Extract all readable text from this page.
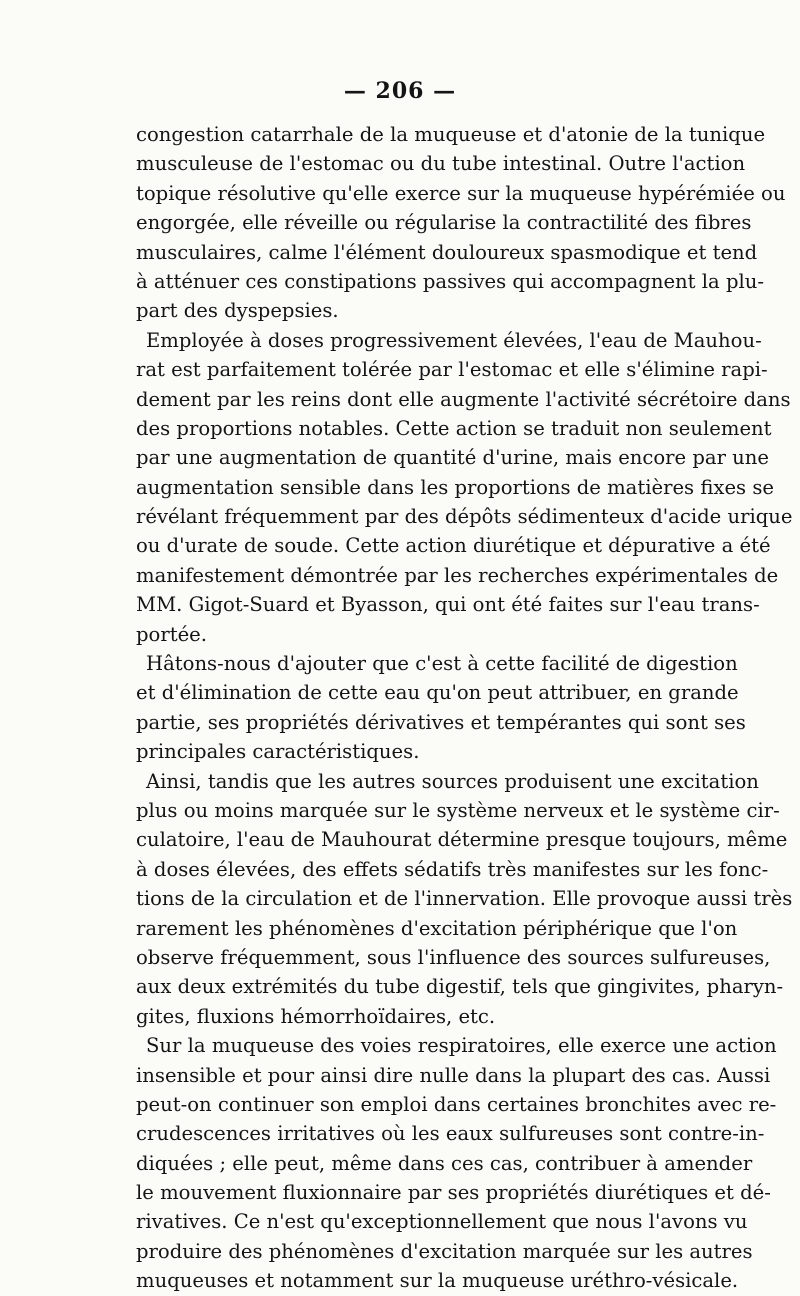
— 206 —
congestion catarrhale de la muqueuse et d'atonie de la tunique
musculeuse de l'estomac ou du tube intestinal. Outre l'action
topique résolutive qu'elle exerce sur la muqueuse hypérémiée ou
engorgée, elle réveille ou régularise la contractilité des fibres
musculaires, calme l'élément douloureux spasmodique et tend
à atténuer ces constipations passives qui accompagnent la plu-
part des dyspepsies.
Employée à doses progressivement élevées, l'eau de Mauhou-
rat est parfaitement tolérée par l'estomac et elle s'élimine rapi-
dement par les reins dont elle augmente l'activité sécrétoire dans
des proportions notables. Cette action se traduit non seulement
par une augmentation de quantité d'urine, mais encore par une
augmentation sensible dans les proportions de matières fixes se
révélant fréquemment par des dépôts sédimenteux d'acide urique
ou d'urate de soude. Cette action diurétique et dépurative a été
manifestement démontrée par les recherches expérimentales de
MM. Gigot-Suard et Byasson, qui ont été faites sur l'eau trans-
portée.
Hâtons-nous d'ajouter que c'est à cette facilité de digestion
et d'élimination de cette eau qu'on peut attribuer, en grande
partie, ses propriétés dérivatives et tempérantes qui sont ses
principales caractéristiques.
Ainsi, tandis que les autres sources produisent une excitation
plus ou moins marquée sur le système nerveux et le système cir-
culatoire, l'eau de Mauhourat détermine presque toujours, même
à doses élevées, des effets sédatifs très manifestes sur les fonc-
tions de la circulation et de l'innervation. Elle provoque aussi très
rarement les phénomènes d'excitation périphérique que l'on
observe fréquemment, sous l'influence des sources sulfureuses,
aux deux extrémités du tube digestif, tels que gingivites, pharyn-
gites, fluxions hémorrhoïdaires, etc.
Sur la muqueuse des voies respiratoires, elle exerce une action
insensible et pour ainsi dire nulle dans la plupart des cas. Aussi
peut-on continuer son emploi dans certaines bronchites avec re-
crudescences irritatives où les eaux sulfureuses sont contre-in-
diquées ; elle peut, même dans ces cas, contribuer à amender
le mouvement fluxionnaire par ses propriétés diurétiques et dé-
rivatives. Ce n'est qu'exceptionnellement que nous l'avons vu
produire des phénomènes d'excitation marquée sur les autres
muqueuses et notamment sur la muqueuse uréthro-vésicale.
